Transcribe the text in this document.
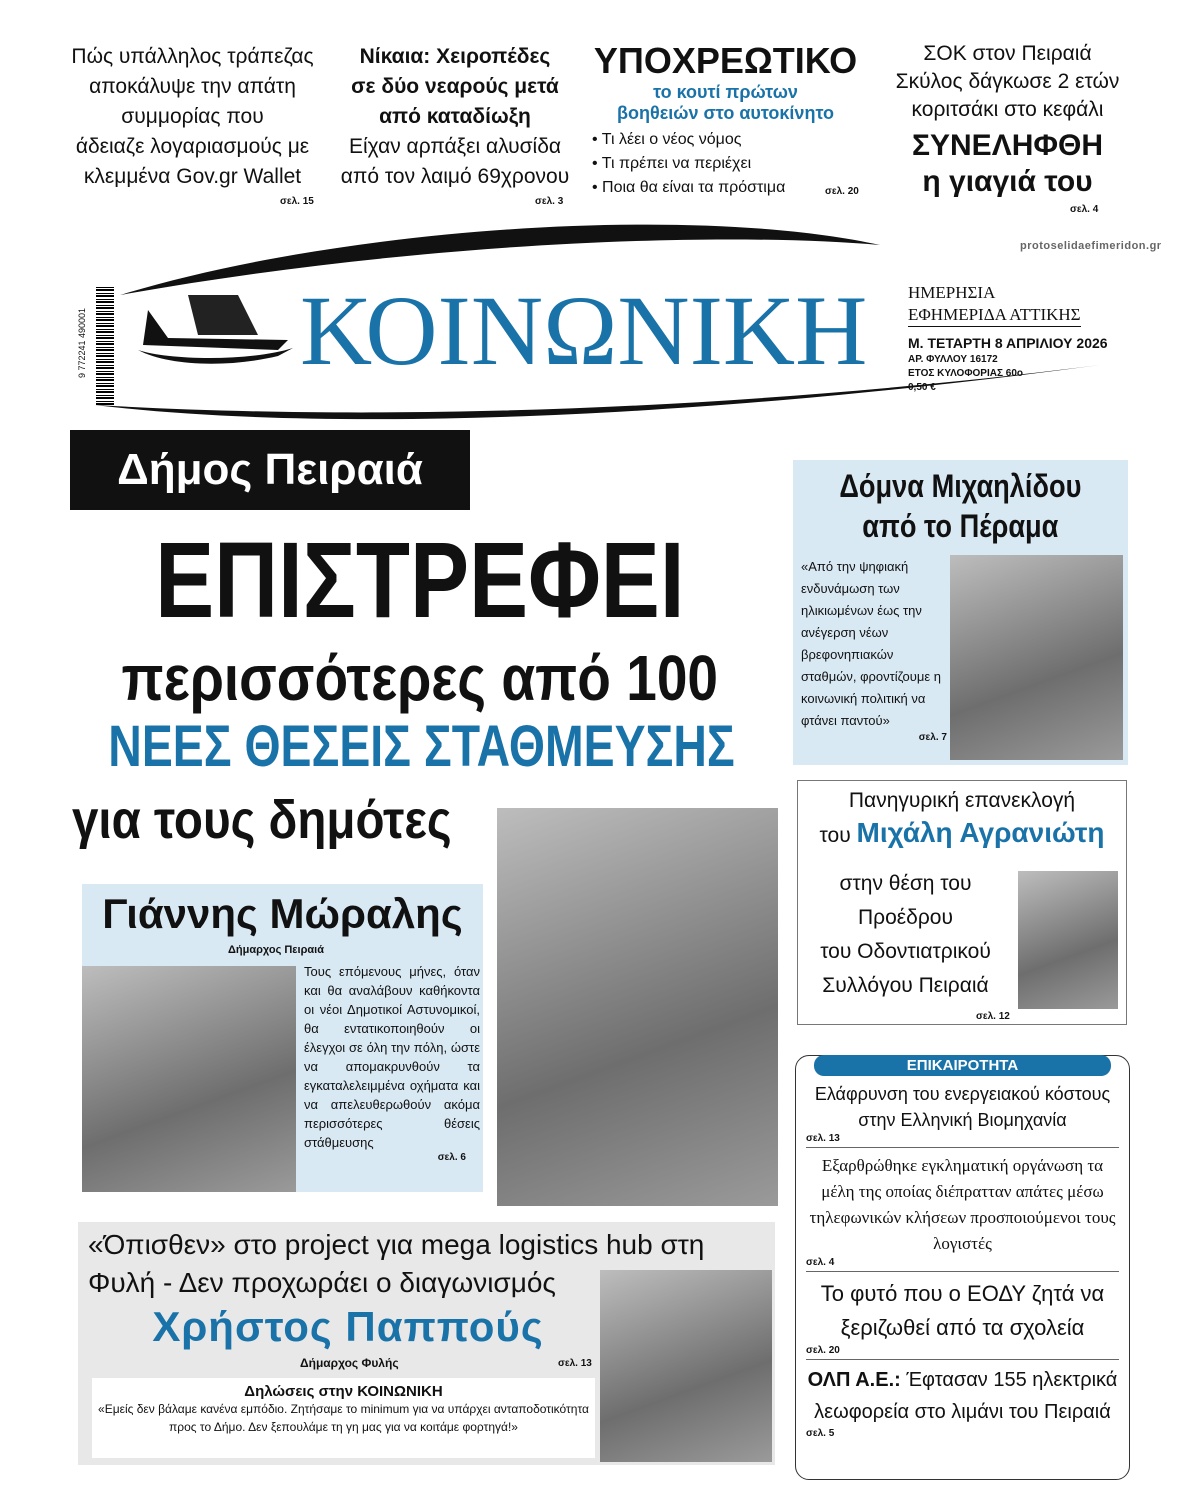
Πώς υπάλληλος τράπεζας
αποκάλυψε την απάτη
συμμορίας που
άδειαζε λογαριασμούς με
κλεμμένα Gov.gr Wallet
σελ. 15
Νίκαια: Χειροπέδες
σε δύο νεαρούς μετά
από καταδίωξη
Είχαν αρπάξει αλυσίδα
από τον λαιμό 69χρονου
σελ. 3
ΥΠΟΧΡΕΩΤΙΚΟ
το κουτί πρώτων
βοηθειών στο αυτοκίνητο
• Τι λέει ο νέος νόμος
• Τι πρέπει να περιέχει
• Ποια θα είναι τα πρόστιμα	σελ. 20
ΣΟΚ στον Πειραιά
Σκύλος δάγκωσε 2 ετών
κοριτσάκι στο κεφάλι
ΣΥΝΕΛΗΦΘΗ
η γιαγιά του
σελ. 4
protoselidaefimeridon.gr
9 772241 490001 ΚΟΙΝΩΝΙΚΗ ΗΜΕΡΗΣΙΑ
ΕΦΗΜΕΡΙΔΑ ΑΤΤΙΚΗΣ
Μ. ΤΕΤΑΡΤΗ 8 ΑΠΡΙΛΙΟΥ 2026
ΑΡ. ΦΥΛΛΟΥ 16172
ΕΤΟΣ ΚΥΛΟΦΟΡΙΑΣ 60ο
0,50 €
Δήμος Πειραιά
ΕΠΙΣΤΡΕΦΕΙ
περισσότερες από 100
ΝΕΕΣ ΘΕΣΕΙΣ ΣΤΑΘΜΕΥΣΗΣ
για τους δημότες
Γιάννης Μώραλης
Δήμαρχος Πειραιά
Τους επόμενους μήνες, όταν και θα αναλάβουν καθήκοντα οι νέοι Δημοτικοί Αστυνομικοί, θα εντατικοποιηθούν οι έλεγχοι σε όλη την πόλη, ώστε να απομακρυνθούν τα εγκαταλελειμμένα οχήματα και να απελευθερωθούν ακόμα περισσότερες θέσεις στάθμευσης
σελ. 6
«Όπισθεν» στο project για mega logistics hub στη Φυλή - Δεν προχωράει ο διαγωνισμός
Χρήστος Παππούς
Δήμαρχος Φυλής	σελ. 13
Δηλώσεις στην ΚΟΙΝΩΝΙΚΗ
«Εμείς δεν βάλαμε κανένα εμπόδιο. Ζητήσαμε το minimum για να υπάρχει ανταποδοτικότητα προς το Δήμο. Δεν ξεπουλάμε τη γη μας για να κοιτάμε φορτηγά!»
Δόμνα Μιχαηλίδου
από το Πέραμα
«Από την ψηφιακή ενδυνάμωση των ηλικιωμένων έως την ανέγερση νέων βρεφονηπιακών σταθμών, φροντίζουμε η κοινωνική πολιτική να φτάνει παντού»
σελ. 7
Πανηγυρική επανεκλογή
του Μιχάλη Αγρανιώτη
στην θέση του
Προέδρου
του Οδοντιατρικού
Συλλόγου Πειραιά
σελ. 12
ΕΠΙΚΑΙΡΟΤΗΤΑ
Ελάφρυνση του ενεργειακού κόστους στην Ελληνική Βιομηχανία
σελ. 13
Εξαρθρώθηκε εγκληματική οργάνωση τα μέλη της οποίας διέπρατταν απάτες μέσω τηλεφωνικών κλήσεων προσποιούμενοι τους λογιστές
σελ. 4
Το φυτό που ο ΕΟΔΥ ζητά να ξεριζωθεί από τα σχολεία
σελ. 20
ΟΛΠ Α.Ε.: Έφτασαν 155 ηλεκτρικά λεωφορεία στο λιμάνι του Πειραιά
σελ. 5
